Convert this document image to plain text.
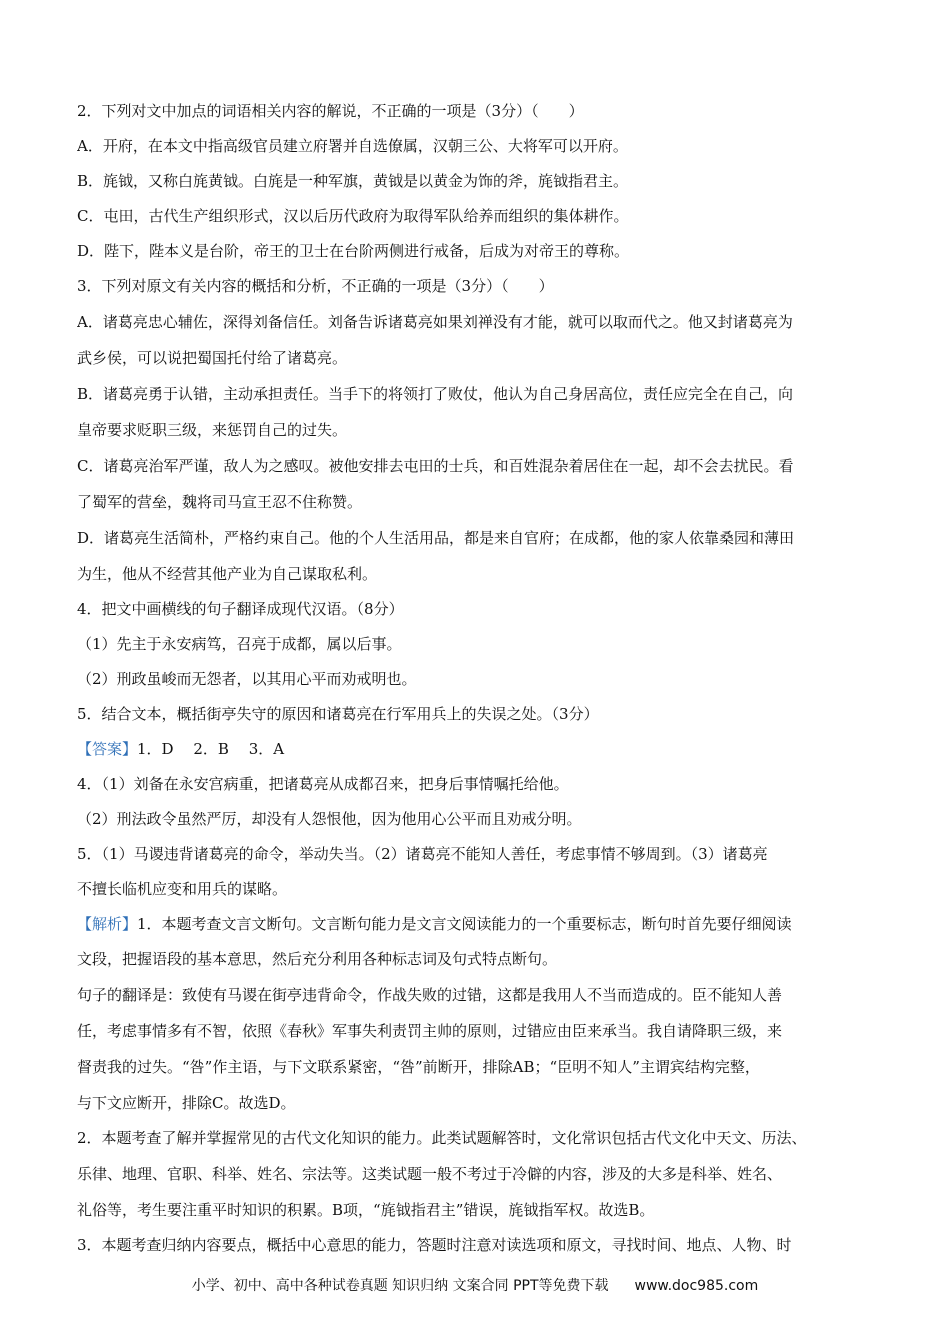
2．下列对文中加点的词语相关内容的解说，不正确的一项是（3分）（　　）
A．开府，在本文中指高级官员建立府署并自选僚属，汉朝三公、大将军可以开府。
B．旄钺，又称白旄黄钺。白旄是一种军旗，黄钺是以黄金为饰的斧，旄钺指君主。
C．屯田，古代生产组织形式，汉以后历代政府为取得军队给养而组织的集体耕作。
D．陛下，陛本义是台阶，帝王的卫士在台阶两侧进行戒备，后成为对帝王的尊称。
3．下列对原文有关内容的概括和分析，不正确的一项是（3分）（　　）
A．诸葛亮忠心辅佐，深得刘备信任。刘备告诉诸葛亮如果刘禅没有才能，就可以取而代之。他又封诸葛亮为
武乡侯，可以说把蜀国托付给了诸葛亮。
B．诸葛亮勇于认错，主动承担责任。当手下的将领打了败仗，他认为自己身居高位，责任应完全在自己，向
皇帝要求贬职三级，来惩罚自己的过失。
C．诸葛亮治军严谨，敌人为之感叹。被他安排去屯田的士兵，和百姓混杂着居住在一起，却不会去扰民。看
了蜀军的营垒，魏将司马宣王忍不住称赞。
D．诸葛亮生活简朴，严格约束自己。他的个人生活用品，都是来自官府；在成都，他的家人依靠桑园和薄田
为生，他从不经营其他产业为自己谋取私利。
4．把文中画横线的句子翻译成现代汉语。（8分）
（1）先主于永安病笃，召亮于成都，属以后事。
（2）刑政虽峻而无怨者，以其用心平而劝戒明也。
5．结合文本，概括街亭失守的原因和诸葛亮在行军用兵上的失误之处。（3分）
【答案】1．D　 2．B　 3．A
4．（1）刘备在永安宫病重，把诸葛亮从成都召来，把身后事情嘱托给他。
（2）刑法政令虽然严厉，却没有人怨恨他，因为他用心公平而且劝戒分明。
5．（1）马谡违背诸葛亮的命令，举动失当。（2）诸葛亮不能知人善任，考虑事情不够周到。（3）诸葛亮
不擅长临机应变和用兵的谋略。
【解析】1．本题考查文言文断句。文言断句能力是文言文阅读能力的一个重要标志，断句时首先要仔细阅读
文段，把握语段的基本意思，然后充分利用各种标志词及句式特点断句。
句子的翻译是：致使有马谡在街亭违背命令，作战失败的过错，这都是我用人不当而造成的。臣不能知人善
任，考虑事情多有不智，依照《春秋》军事失利责罚主帅的原则，过错应由臣来承当。我自请降职三级，来
督责我的过失。“咎”作主语，与下文联系紧密，“咎”前断开，排除AB；“臣明不知人”主谓宾结构完整，
与下文应断开，排除C。故选D。
2．本题考查了解并掌握常见的古代文化知识的能力。此类试题解答时，文化常识包括古代文化中天文、历法、
乐律、地理、官职、科举、姓名、宗法等。这类试题一般不考过于冷僻的内容，涉及的大多是科举、姓名、
礼俗等，考生要注重平时知识的积累。B项，“旄钺指君主”错误，旄钺指军权。故选B。
3．本题考查归纳内容要点，概括中心意思的能力，答题时注意对读选项和原文，寻找时间、地点、人物、时
小学、初中、高中各种试卷真题 知识归纳 文案合同 PPT等免费下载 www.doc985.com
